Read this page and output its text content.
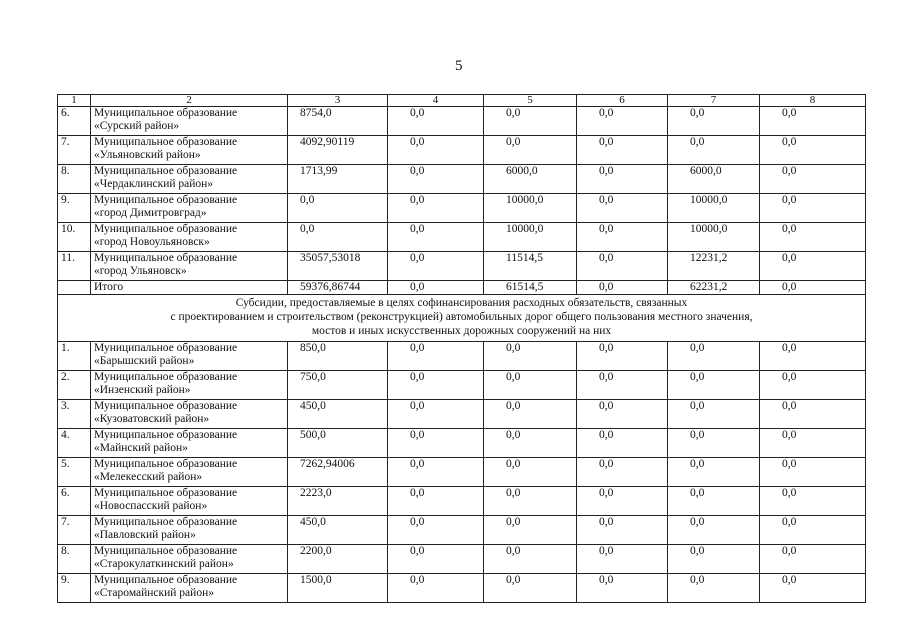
5
1	2	3	4	5	6	7	8
6.	Муниципальное образование
«Сурский район»	8754,0	0,0	0,0	0,0	0,0	0,0
7.	Муниципальное образование
«Ульяновский район»	4092,90119	0,0	0,0	0,0	0,0	0,0
8.	Муниципальное образование
«Чердаклинский район»	1713,99	0,0	6000,0	0,0	6000,0	0,0
9.	Муниципальное образование
«город Димитровград»	0,0	0,0	10000,0	0,0	10000,0	0,0
10.	Муниципальное образование
«город Новоульяновск»	0,0	0,0	10000,0	0,0	10000,0	0,0
11.	Муниципальное образование
«город Ульяновск»	35057,53018	0,0	11514,5	0,0	12231,2	0,0
	Итого	59376,86744	0,0	61514,5	0,0	62231,2	0,0

Субсидии, предоставляемые в целях софинансирования расходных обязательств, связанных
с проектированием и строительством (реконструкцией) автомобильных дорог общего пользования местного значения,
мостов и иных искусственных дорожных сооружений на них							

1.	Муниципальное образование
«Барышский район»	850,0	0,0	0,0	0,0	0,0	0,0
2.	Муниципальное образование
«Инзенский район»	750,0	0,0	0,0	0,0	0,0	0,0
3.	Муниципальное образование
«Кузоватовский район»	450,0	0,0	0,0	0,0	0,0	0,0
4.	Муниципальное образование
«Майнский район»	500,0	0,0	0,0	0,0	0,0	0,0
5.	Муниципальное образование
«Мелекесский район»	7262,94006	0,0	0,0	0,0	0,0	0,0
6.	Муниципальное образование
«Новоспасский район»	2223,0	0,0	0,0	0,0	0,0	0,0
7.	Муниципальное образование
«Павловский район»	450,0	0,0	0,0	0,0	0,0	0,0
8.	Муниципальное образование
«Старокулаткинский район»	2200,0	0,0	0,0	0,0	0,0	0,0
9.	Муниципальное образование
«Старомайнский район»	1500,0	0,0	0,0	0,0	0,0	0,0
